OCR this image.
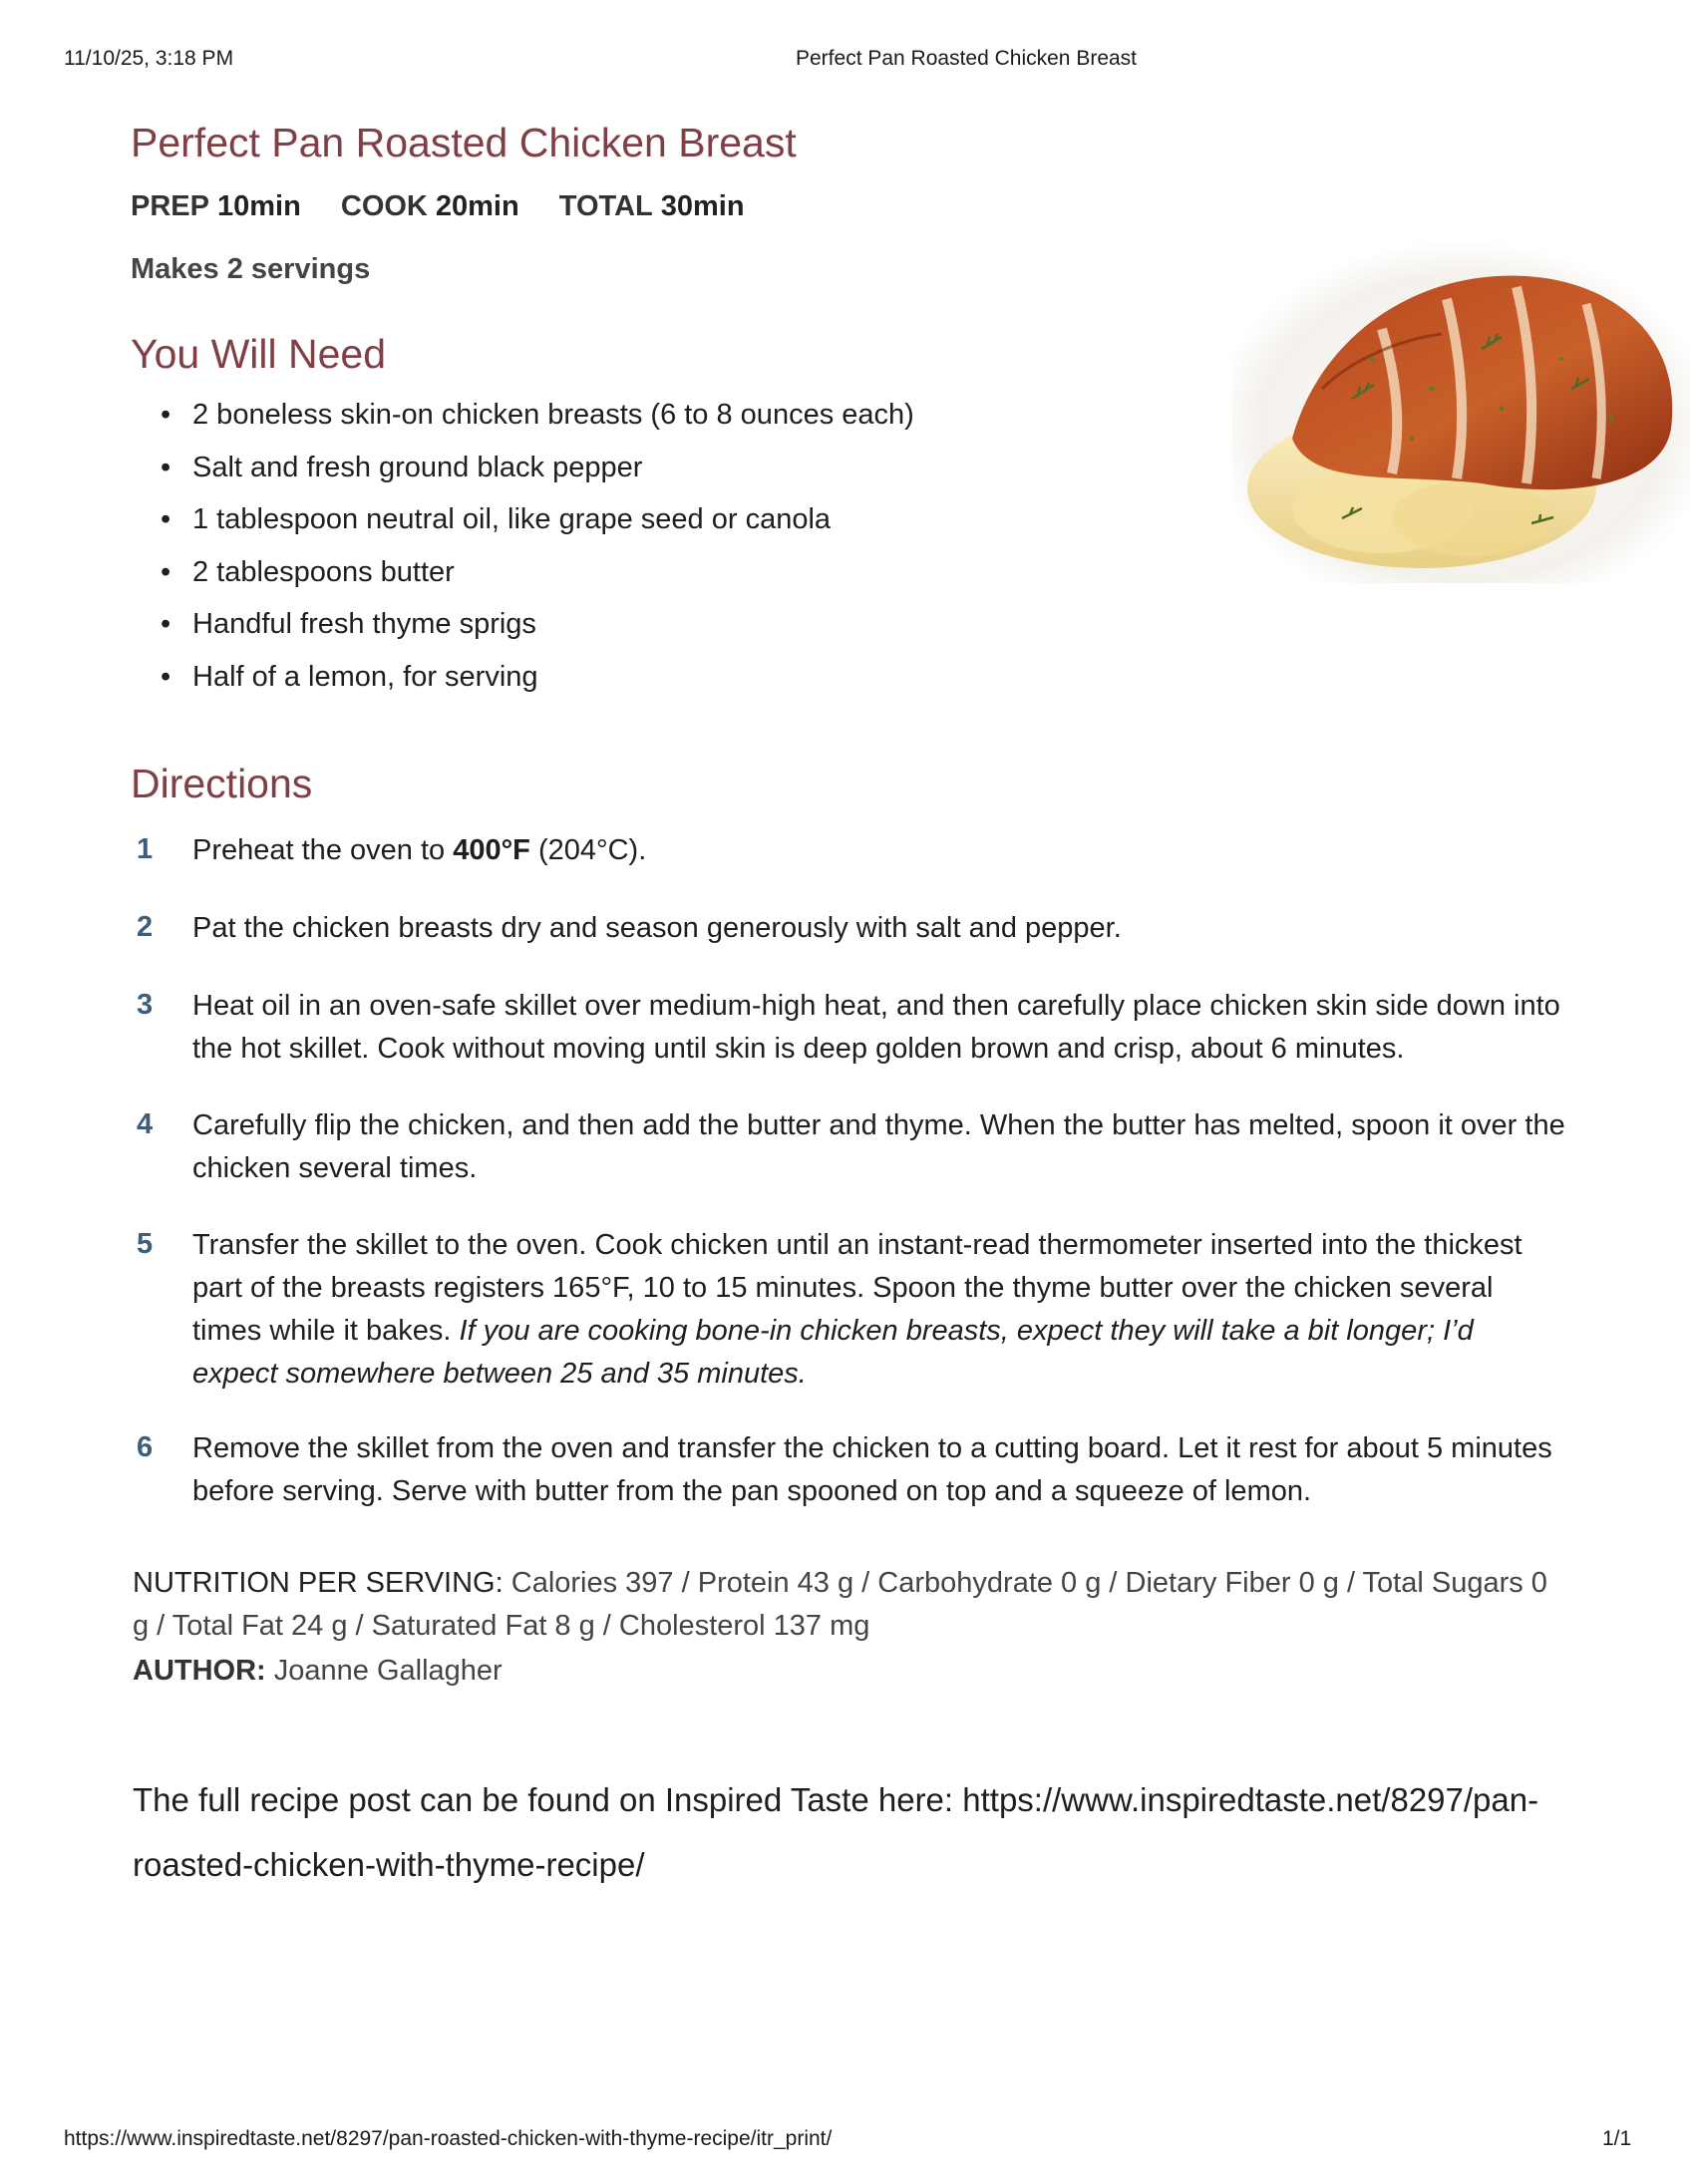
11/10/25, 3:18 PM	Perfect Pan Roasted Chicken Breast
Perfect Pan Roasted Chicken Breast
PREP 10min COOK 20min TOTAL 30min
Makes 2 servings
You Will Need
• 2 boneless skin-on chicken breasts (6 to 8 ounces each)
• Salt and fresh ground black pepper
• 1 tablespoon neutral oil, like grape seed or canola
• 2 tablespoons butter
• Handful fresh thyme sprigs
• Half of a lemon, for serving
Directions
1 Preheat the oven to 400°F (204°C).
2 Pat the chicken breasts dry and season generously with salt and pepper.
3 Heat oil in an oven-safe skillet over medium-high heat, and then carefully place chicken skin side down into the hot skillet. Cook without moving until skin is deep golden brown and crisp, about 6 minutes.
4 Carefully flip the chicken, and then add the butter and thyme. When the butter has melted, spoon it over the chicken several times.
5 Transfer the skillet to the oven. Cook chicken until an instant-read thermometer inserted into the thickest part of the breasts registers 165°F, 10 to 15 minutes. Spoon the thyme butter over the chicken several times while it bakes. If you are cooking bone-in chicken breasts, expect they will take a bit longer; I’d expect somewhere between 25 and 35 minutes.
6 Remove the skillet from the oven and transfer the chicken to a cutting board. Let it rest for about 5 minutes before serving. Serve with butter from the pan spooned on top and a squeeze of lemon.
NUTRITION PER SERVING: Calories 397 / Protein 43 g / Carbohydrate 0 g / Dietary Fiber 0 g / Total Sugars 0 g / Total Fat 24 g / Saturated Fat 8 g / Cholesterol 137 mg
AUTHOR: Joanne Gallagher
The full recipe post can be found on Inspired Taste here: https://www.inspiredtaste.net/8297/pan-roasted-chicken-with-thyme-recipe/
https://www.inspiredtaste.net/8297/pan-roasted-chicken-with-thyme-recipe/itr_print/	1/1
